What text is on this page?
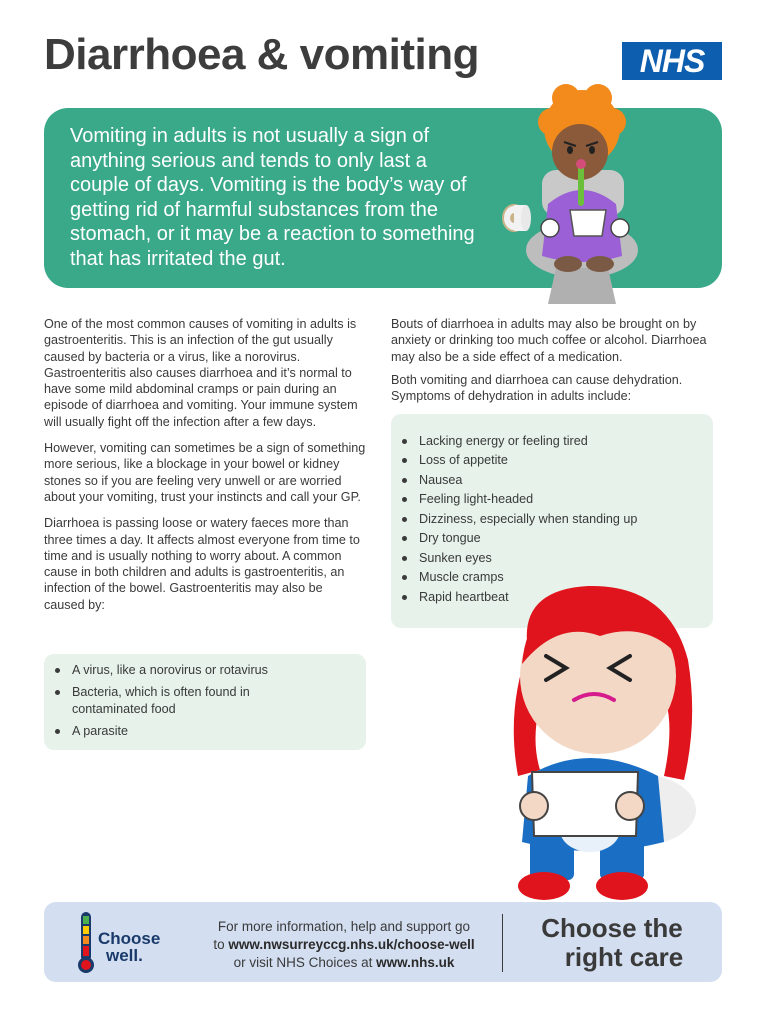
Diarrhoea & vomiting	NHS

Vomiting in adults is not usually a sign of anything serious and tends to only last a couple of days. Vomiting is the body’s way of getting rid of harmful substances from the stomach, or it may be a reaction to something that has irritated the gut.

One of the most common causes of vomiting in adults is gastroenteritis. This is an infection of the gut usually caused by bacteria or a virus, like a norovirus. Gastroenteritis also causes diarrhoea and it’s normal to have some mild abdominal cramps or pain during an episode of diarrhoea and vomiting. Your immune system will usually fight off the infection after a few days.

However, vomiting can sometimes be a sign of something more serious, like a blockage in your bowel or kidney stones so if you are feeling very unwell or are worried about your vomiting, trust your instincts and call your GP.

Diarrhoea is passing loose or watery faeces more than three times a day. It affects almost everyone from time to time and is usually nothing to worry about. A common cause in both children and adults is gastroenteritis, an infection of the bowel. Gastroenteritis may also be caused by:

A virus, like a norovirus or rotavirus
Bacteria, which is often found in contaminated food
A parasite

Bouts of diarrhoea in adults may also be brought on by anxiety or drinking too much coffee or alcohol. Diarrhoea may also be a side effect of a medication.

Both vomiting and diarrhoea can cause dehydration. Symptoms of dehydration in adults include:

Lacking energy or feeling tired
Loss of appetite
Nausea
Feeling light-headed
Dizziness, especially when standing up
Dry tongue
Sunken eyes
Muscle cramps
Rapid heartbeat
Choose
well.
For more information, help and support go
to www.nwsurreyccg.nhs.uk/choose-well
or visit NHS Choices at www.nhs.uk
Choose the
right care
